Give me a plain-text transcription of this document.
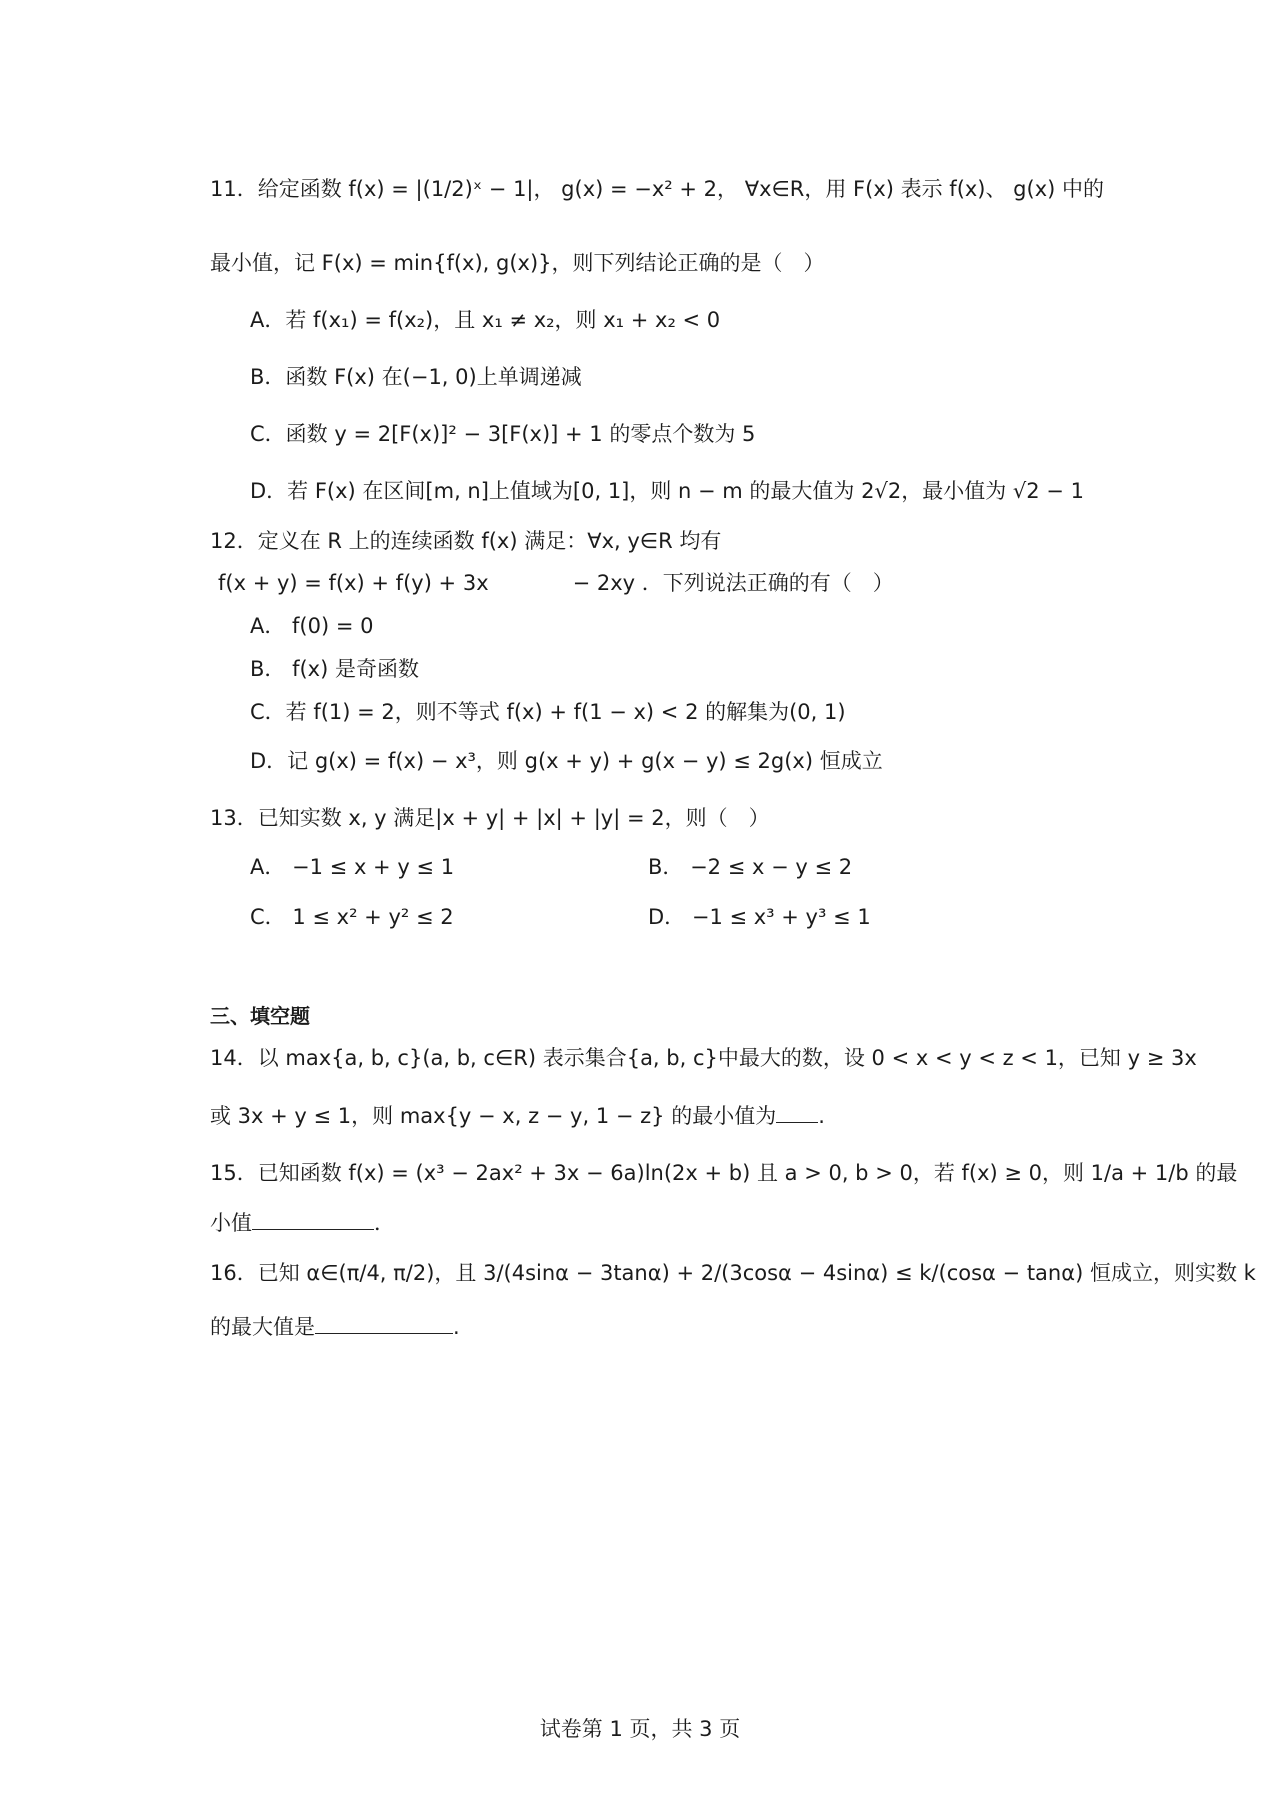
11．给定函数 f(x) = |(1/2)ˣ − 1|， g(x) = −x² + 2， ∀x∈R，用 F(x) 表示 f(x)、 g(x) 中的
最小值，记 F(x) = min{f(x), g(x)}，则下列结论正确的是（　）
A．若 f(x₁) = f(x₂)，且 x₁ ≠ x₂，则 x₁ + x₂ < 0
B．函数 F(x) 在(−1, 0)上单调递减
C．函数 y = 2[F(x)]² − 3[F(x)] + 1 的零点个数为 5
D．若 F(x) 在区间[m, n]上值域为[0, 1]，则 n − m 的最大值为 2√2，最小值为 √2 − 1
12．定义在 R 上的连续函数 f(x) 满足：∀x, y∈R 均有
f(x + y) = f(x) + f(y) + 3x　　　　− 2xy ．下列说法正确的有（　）
A． f(0) = 0
B． f(x) 是奇函数
C．若 f(1) = 2，则不等式 f(x) + f(1 − x) < 2 的解集为(0, 1)
D．记 g(x) = f(x) − x³，则 g(x + y) + g(x − y) ≤ 2g(x) 恒成立
13．已知实数 x, y 满足|x + y| + |x| + |y| = 2，则（　）
A． −1 ≤ x + y ≤ 1	B． −2 ≤ x − y ≤ 2
C． 1 ≤ x² + y² ≤ 2	D． −1 ≤ x³ + y³ ≤ 1
三、填空题
14．以 max{a, b, c}(a, b, c∈R) 表示集合{a, b, c}中最大的数，设 0 < x < y < z < 1，已知 y ≥ 3x
或 3x + y ≤ 1，则 max{y − x, z − y, 1 − z} 的最小值为 .
15．已知函数 f(x) = (x³ − 2ax² + 3x − 6a)ln(2x + b) 且 a > 0, b > 0，若 f(x) ≥ 0，则 1/a + 1/b 的最
小值	．
16．已知 α∈(π/4, π/2)，且 3/(4sinα − 3tanα) + 2/(3cosα − 4sinα) ≤ k/(cosα − tanα) 恒成立，则实数 k
的最大值是	.
试卷第 1 页，共 3 页
